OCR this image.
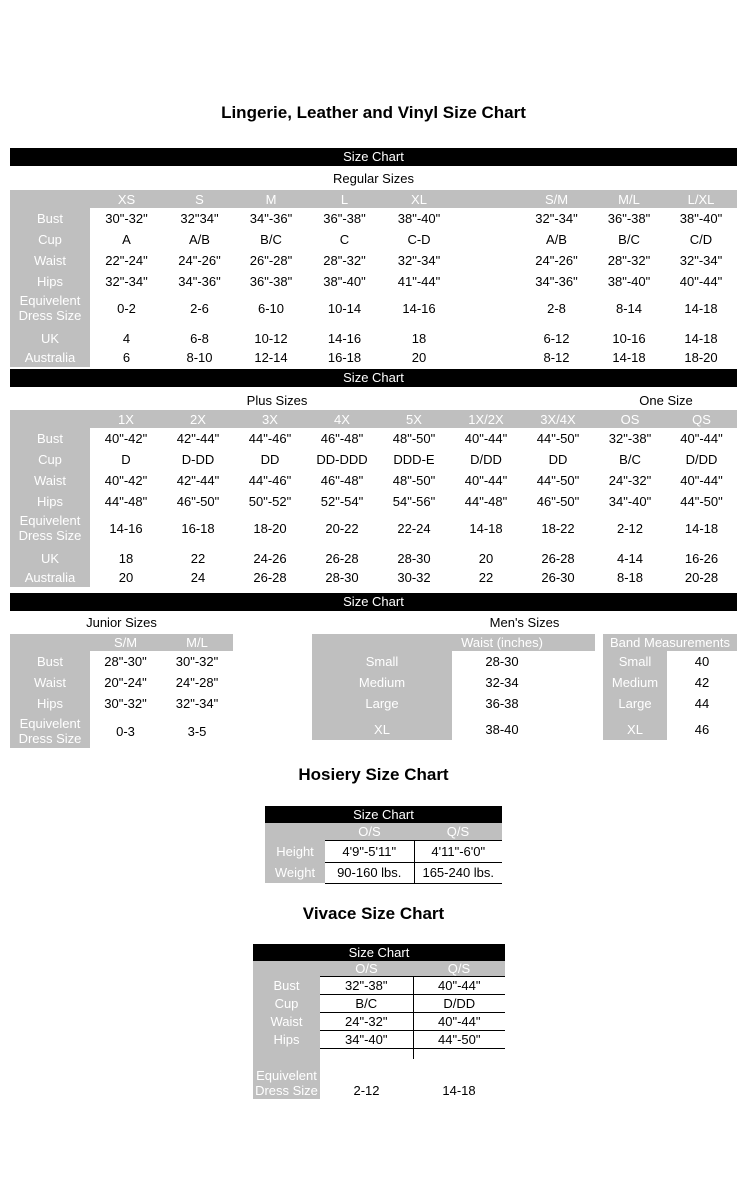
Lingerie, Leather and Vinyl Size Chart
Size Chart
Regular Sizes
	XS	S	M	L	XL		S/M	M/L	L/XL
Bust	30"-32"	32"34"	34"-36"	36"-38"	38"-40"		32"-34"	36"-38"	38"-40"
Cup	A	A/B	B/C	C	C-D		A/B	B/C	C/D
Waist	22"-24"	24"-26"	26"-28"	28"-32"	32"-34"		24"-26"	28"-32"	32"-34"
Hips	32"-34"	34"-36"	36"-38"	38"-40"	41"-44"		34"-36"	38"-40"	40"-44"
Equivelent Dress Size	0-2	2-6	6-10	10-14	14-16		2-8	8-14	14-18

UK	4	6-8	10-12	14-16	18		6-12	10-16	14-18
Australia	6	8-10	12-14	16-18	20		8-12	14-18	18-20
Size Chart
Plus Sizes	One Size
	1X	2X	3X	4X	5X	1X/2X	3X/4X	OS	QS
Bust	40"-42"	42"-44"	44"-46"	46"-48"	48"-50"	40"-44"	44"-50"	32"-38"	40"-44"
Cup	D	D-DD	DD	DD-DDD	DDD-E	D/DD	DD	B/C	D/DD
Waist	40"-42"	42"-44"	44"-46"	46"-48"	48"-50"	40"-44"	44"-50"	24"-32"	40"-44"
Hips	44"-48"	46"-50"	50"-52"	52"-54"	54"-56"	44"-48"	46"-50"	34"-40"	44"-50"
Equivelent Dress Size	14-16	16-18	18-20	20-22	22-24	14-18	18-22	2-12	14-18

UK	18	22	24-26	26-28	28-30	20	26-28	4-14	16-26
Australia	20	24	26-28	28-30	30-32	22	26-30	8-18	20-28
Size Chart
Junior Sizes	Men's Sizes
	S/M	M/L
Bust	28"-30"	30"-32"
Waist	20"-24"	24"-28"
Hips	30"-32"	32"-34"
Equivelent Dress Size	0-3	3-5
	Waist (inches)	
Small	28-30	
Medium	32-34	
Large	36-38	

XL	38-40	
Band Measurements	
Small	40
Medium	42
Large	44

XL	46
Hosiery Size Chart
Size Chart
	O/S	Q/S
Height	4'9"-5'11"	4'11"-6'0"
Weight	90-160 lbs.	165-240 lbs.
Vivace Size Chart
Size Chart
	O/S	Q/S
Bust	32"-38"	40"-44"
Cup	B/C	D/DD
Waist	24"-32"	40"-44"
Hips	34"-40"	44"-50"

Equivelent Dress Size	2-12	14-18
